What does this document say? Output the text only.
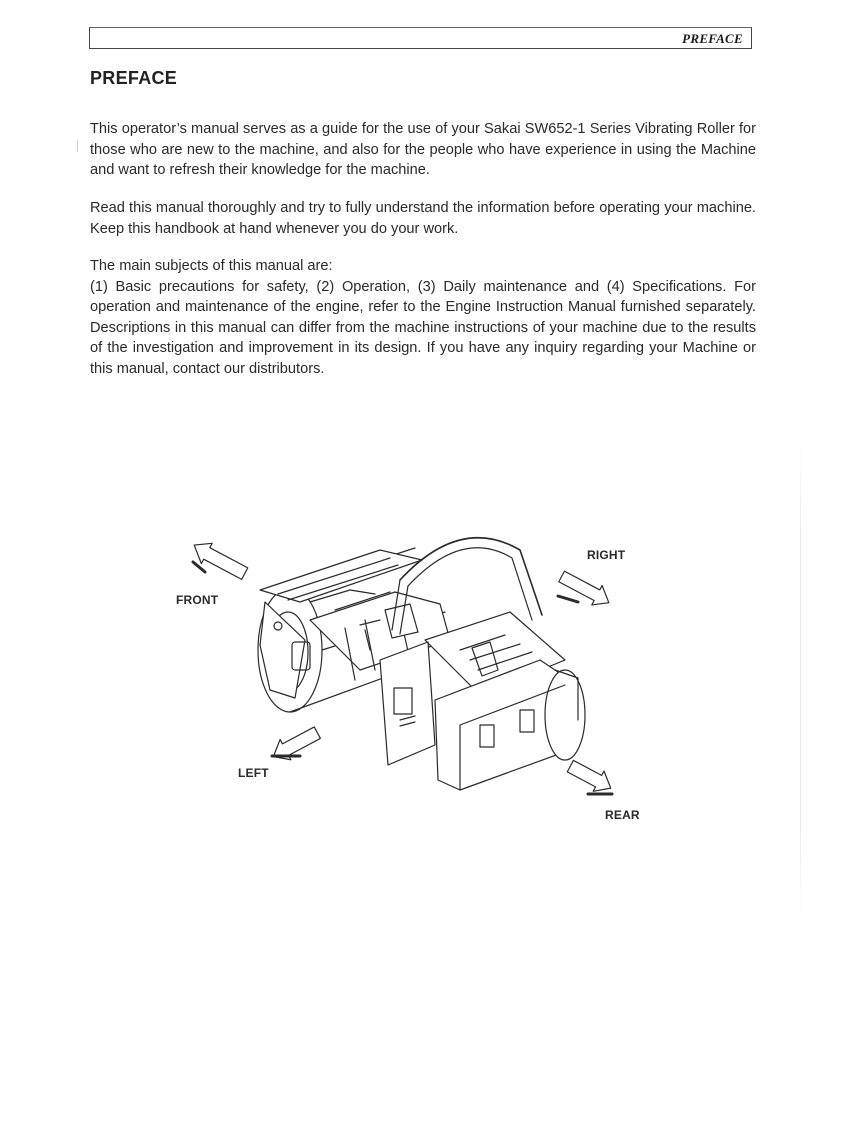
PREFACE
PREFACE

This operator’s manual serves as a guide for the use of your Sakai SW652-1 Series Vibrating Roller for those who are new to the machine, and also for the people who have experience in using the Machine and want to refresh their knowledge for the machine.

Read this manual thoroughly and try to fully understand the information before operating your machine. Keep this handbook at hand whenever you do your work.

The main subjects of this manual are:
(1) Basic precautions for safety, (2) Operation, (3) Daily maintenance and (4) Specifications. For operation and maintenance of the engine, refer to the Engine Instruction Manual furnished separately. Descriptions in this manual can differ from the machine instructions of your machine due to the results of the investigation and improvement in its design. If you have any inquiry regarding your Machine or this manual, contact our distributors.
FRONT
RIGHT
LEFT
REAR
